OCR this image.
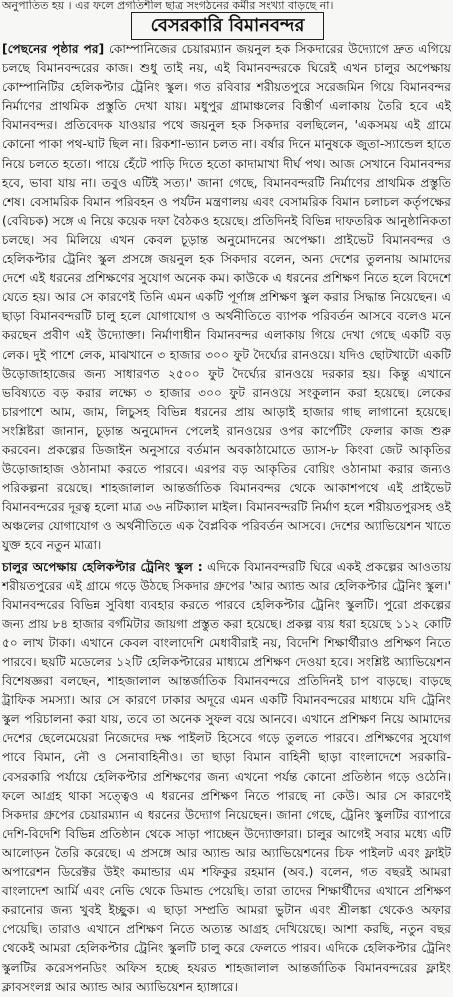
অনুপাতিত হয় । এর ফলে প্রগতিশীল ছাত্র সংগঠনের কর্মীর সংখ্যা বাড়ছে না।
বেসরকারি বিমানবন্দর

[পেছনের পৃষ্ঠার পর] কোম্পানিজের চেয়ারম্যান জয়নুল হক সিকদারের উদ্যোগে দ্রুত এগিয়ে চলছে বিমানবন্দরের কাজ। শুধু তাই নয়, এই বিমানবন্দরকে ঘিরেই এখন চালুর অপেক্ষায় কোম্পানিটির হেলিকপ্টার ট্রেনিং স্কুল। গত রবিবার শরীয়তপুরে সরেজমিন গিয়ে বিমানবন্দর নির্মাণের প্রাথমিক প্রস্তুতি দেখা যায়। মধুপুর গ্রামাঞ্চলের বিস্তীর্ণ এলাকায় তৈরি হবে এই বিমানবন্দর। প্রতিবেদক যাওয়ার পথে জয়নুল হক সিকদার বলছিলেন, 'একসময় এই গ্রামে কোনো পাকা পথ-ঘাট ছিল না। রিকশা-ভ্যান চলত না। বর্ষার দিনে মানুষকে জুতা-স্যান্ডেল হাতে নিয়ে চলতে হতো। পায়ে হেঁটে পাড়ি দিতে হতো কাদামাখা দীর্ঘ পথ। আজ সেখানে বিমানবন্দর হবে, ভাবা যায় না। তবুও এটিই সত্য।' জানা গেছে, বিমানবন্দরটি নির্মাণের প্রাথমিক প্রস্তুতি শেষ। বেসামরিক বিমান পরিবহন ও পর্যটন মন্ত্রণালয় এবং বেসামরিক বিমান চলাচল কর্তৃপক্ষের (বেবিচক) সঙ্গে এ নিয়ে কয়েক দফা বৈঠকও হয়েছে। প্রতিদিনই বিভিন্ন দাফতরিক আনুষ্ঠানিকতা চলছে। সব মিলিয়ে এখন কেবল চূড়ান্ত অনুমোদনের অপেক্ষা। প্রাইভেট বিমানবন্দর ও হেলিকপ্টার ট্রেনিং স্কুল প্রসঙ্গে জয়নুল হক সিকদার বলেন, অন্য দেশের তুলনায় আমাদের দেশে এই ধরনের প্রশিক্ষণের সুযোগ অনেক কম। কাউকে এ ধরনের প্রশিক্ষণ নিতে হলে বিদেশে যেতে হয়। আর সে কারণেই তিনি এমন একটি পূর্ণাঙ্গ প্রশিক্ষণ স্কুল করার সিদ্ধান্ত নিয়েছেন। এ ছাড়া বিমানবন্দরটি চালু হলে যোগাযোগ ও অর্থনীতিতে ব্যাপক পরিবর্তন আসবে বলেও মনে করছেন প্রবীণ এই উদ্যোক্তা। নির্মাণাধীন বিমানবন্দর এলাকায় গিয়ে দেখা গেছে একটি বড় লেক। দুই পাশে লেক, মাঝখানে ৩ হাজার ৩০০ ফুট দৈর্ঘ্যের রানওয়ে। যদিও ছোটখাটো একটি উড়োজাহাজের জন্য সাধারণত ২৫০০ ফুট দৈর্ঘ্যের রানওয়ে দরকার হয়। কিন্তু এখানে ভবিষ্যতে বড় করার লক্ষ্যে ৩ হাজার ৩০০ ফুট রানওয়ে সংকুলান করা হয়েছে। লেকের চারপাশে আম, জাম, লিচুসহ বিভিন্ন ধরনের প্রায় আড়াই হাজার গাছ লাগানো হয়েছে। সংশ্লিষ্টরা জানান, চূড়ান্ত অনুমোদন পেলেই রানওয়ের ওপর কার্পেটিং ফেলার কাজ শুরু করবেন। প্রকল্পের ডিজাইন অনুসারে বর্তমান অবকাঠামোতে ড্যাস-৮ কিংবা জেট আকৃতির উড়োজাহাজ ওঠানামা করতে পারবে। এরপর বড় আকৃতির বোয়িং ওঠানামা করার জন্যও পরিকল্পনা রয়েছে। শাহজালাল আন্তর্জাতিক বিমানবন্দর থেকে আকাশপথে এই প্রাইভেট বিমানবন্দরের দূরত্ব হলো মাত্র ৩৬ নটিক্যাল মাইল। বিমানবন্দরটি নির্মাণ হলে শরীয়তপুরসহ ওই অঞ্চলের যোগাযোগ ও অর্থনীতিতে এক বৈপ্লবিক পরিবর্তন আসবে। দেশের অ্যাভিয়েশন খাতে যুক্ত হবে নতুন মাত্রা।

চালুর অপেক্ষায় হেলিকপ্টার ট্রেনিং স্কুল : এদিকে বিমানবন্দরটি ঘিরে একই প্রকল্পের আওতায় শরীয়তপুরের এই গ্রামে গড়ে উঠছে সিকদার গ্রুপের 'আর অ্যান্ড আর হেলিকপ্টার ট্রেনিং স্কুল।' বিমানবন্দরের বিভিন্ন সুবিধা ব্যবহার করতে পারবে হেলিকপ্টার ট্রেনিং স্কুলটি। পুরো প্রকল্পের জন্য প্রায় ৮৪ হাজার বর্গমিটার জায়গা প্রস্তুত করা হয়েছে। প্রকল্প ব্যয় ধরা হয়েছে ১১২ কোটি ৫০ লাখ টাকা। এখানে কেবল বাংলাদেশি মেধাবীরাই নয়, বিদেশি শিক্ষার্থীরাও প্রশিক্ষণ নিতে পারবে। ছয়টি মডেলের ১২টি হেলিকপ্টারের মাধ্যমে প্রশিক্ষণ দেওয়া হবে। সংশ্লিষ্ট অ্যাভিয়েশন বিশেষজ্ঞরা বলছেন, শাহজালাল আন্তর্জাতিক বিমানবন্দরে প্রতিদিনই চাপ বাড়ছে। বাড়ছে ট্রাফিক সমস্যা। আর সে কারণে ঢাকার অদূরে এমন একটি বিমানবন্দরের মাধ্যমে যদি ট্রেনিং স্কুল পরিচালনা করা যায়, তবে তা অনেক সুফল বয়ে আনবে। এখানে প্রশিক্ষণ নিয়ে আমাদের দেশের ছেলেমেয়েরা নিজেদের দক্ষ পাইলট হিসেবে গড়ে তুলতে পারবে। প্রশিক্ষণের সুযোগ পাবে বিমান, নৌ ও সেনাবাহিনীও। তা ছাড়া বিমান বাহিনী ছাড়া বাংলাদেশে সরকারি-বেসরকারি পর্যায়ে হেলিকপ্টার প্রশিক্ষণের জন্য এখনো পর্যন্ত কোনো প্রতিষ্ঠান গড়ে ওঠেনি। ফলে আগ্রহ থাকা সত্ত্বেও এ ধরনের প্রশিক্ষণ নিতে পারছে না কেউ। আর সে কারণেই সিকদার গ্রুপের চেয়ারম্যান এ ধরনের উদ্যোগ নিয়েছেন। জানা গেছে, ট্রেনিং স্কুলটির ব্যাপারে দেশি-বিদেশি বিভিন্ন প্রতিষ্ঠান থেকে সাড়া পাচ্ছেন উদ্যোক্তারা। চালুর আগেই সবার মধ্যে এটি আলোড়ন তৈরি করেছে। এ প্রসঙ্গে আর অ্যান্ড আর অ্যাভিয়েশনের চিফ পাইলট এবং ফ্লাইট অপারেশন ডিরেক্টর উইং কমান্ডার এম শফিকুর রহমান (অব.) বলেন, গত বছরই আমরা বাংলাদেশ আর্মি এবং নেভি থেকে ডিমান্ড পেয়েছি। তারা তাদের শিক্ষার্থীদের এখানে প্রশিক্ষণ করানোর জন্য খুবই ইচ্ছুক। এ ছাড়া সম্প্রতি আমরা ভুটান এবং শ্রীলঙ্কা থেকেও অফার পেয়েছি। তারাও এখানে প্রশিক্ষণ নিতে অত্যন্ত আগ্রহ দেখিয়েছে। আশা করছি, নতুন বছর থেকেই আমরা হেলিকপ্টার ট্রেনিং স্কুলটি চালু করে ফেলতে পারব। এদিকে হেলিকপ্টার ট্রেনিং স্কুলটির করেসপনডিং অফিস হচ্ছে হযরত শাহজালাল আন্তর্জাতিক বিমানবন্দরের ফ্লাইং ক্লাবসংলগ্ন আর অ্যান্ড আর অ্যাভিয়েশন হ্যাঙ্গারে।
